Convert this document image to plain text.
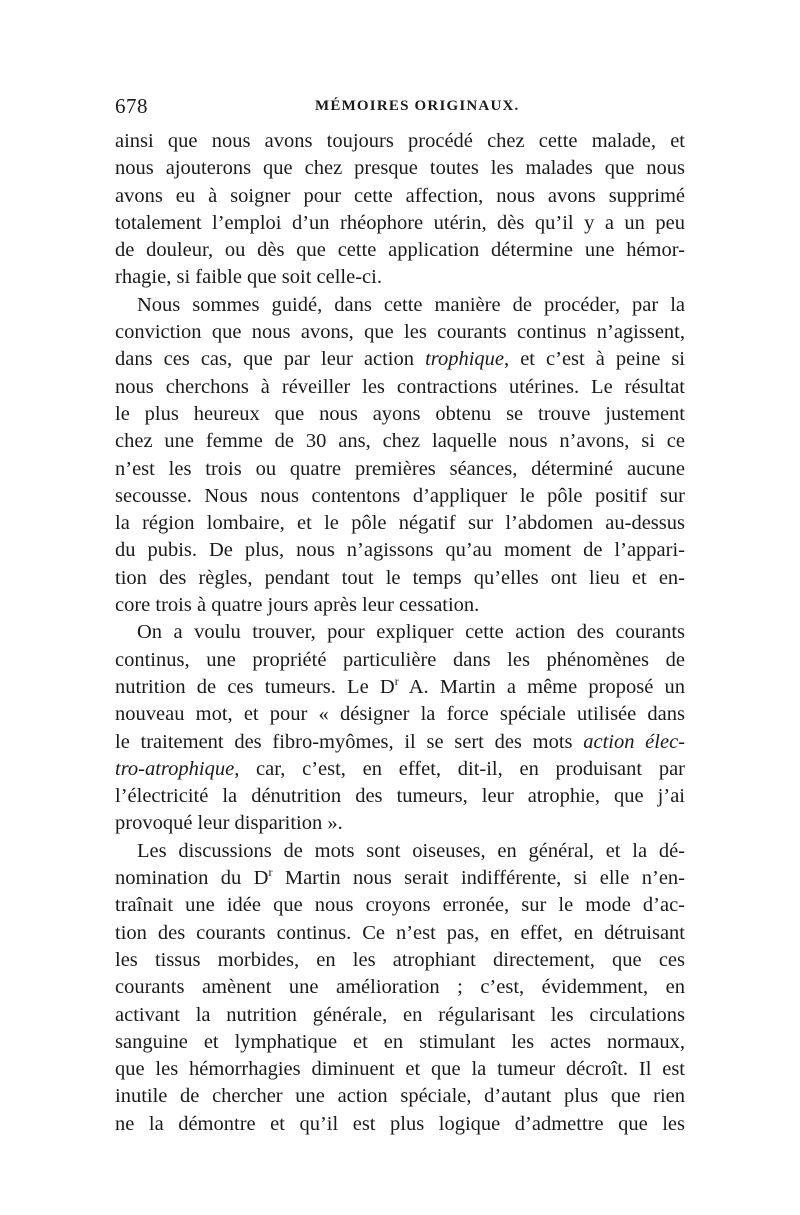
678	MÉMOIRES ORIGINAUX.
ainsi que nous avons toujours procédé chez cette malade, et
nous ajouterons que chez presque toutes les malades que nous
avons eu à soigner pour cette affection, nous avons supprimé
totalement l’emploi d’un rhéophore utérin, dès qu’il y a un peu
de douleur, ou dès que cette application détermine une hémor-
rhagie, si faible que soit celle-ci.
Nous sommes guidé, dans cette manière de procéder, par la
conviction que nous avons, que les courants continus n’agissent,
dans ces cas, que par leur action trophique, et c’est à peine si
nous cherchons à réveiller les contractions utérines. Le résultat
le plus heureux que nous ayons obtenu se trouve justement
chez une femme de 30 ans, chez laquelle nous n’avons, si ce
n’est les trois ou quatre premières séances, déterminé aucune
secousse. Nous nous contentons d’appliquer le pôle positif sur
la région lombaire, et le pôle négatif sur l’abdomen au-dessus
du pubis. De plus, nous n’agissons qu’au moment de l’appari-
tion des règles, pendant tout le temps qu’elles ont lieu et en-
core trois à quatre jours après leur cessation.
On a voulu trouver, pour expliquer cette action des courants
continus, une propriété particulière dans les phénomènes de
nutrition de ces tumeurs. Le $D^r$ A. Martin a même proposé un
nouveau mot, et pour « désigner la force spéciale utilisée dans
le traitement des fibro-myômes, il se sert des mots action élec-
tro-atrophique, car, c’est, en effet, dit-il, en produisant par
l’électricité la dénutrition des tumeurs, leur atrophie, que j’ai
provoqué leur disparition ».
Les discussions de mots sont oiseuses, en général, et la dé-
nomination du $D^r$ Martin nous serait indifférente, si elle n’en-
traînait une idée que nous croyons erronée, sur le mode d’ac-
tion des courants continus. Ce n’est pas, en effet, en détruisant
les tissus morbides, en les atrophiant directement, que ces
courants amènent une amélioration ; c’est, évidemment, en
activant la nutrition générale, en régularisant les circulations
sanguine et lymphatique et en stimulant les actes normaux,
que les hémorrhagies diminuent et que la tumeur décroît. Il est
inutile de chercher une action spéciale, d’autant plus que rien
ne la démontre et qu’il est plus logique d’admettre que les
